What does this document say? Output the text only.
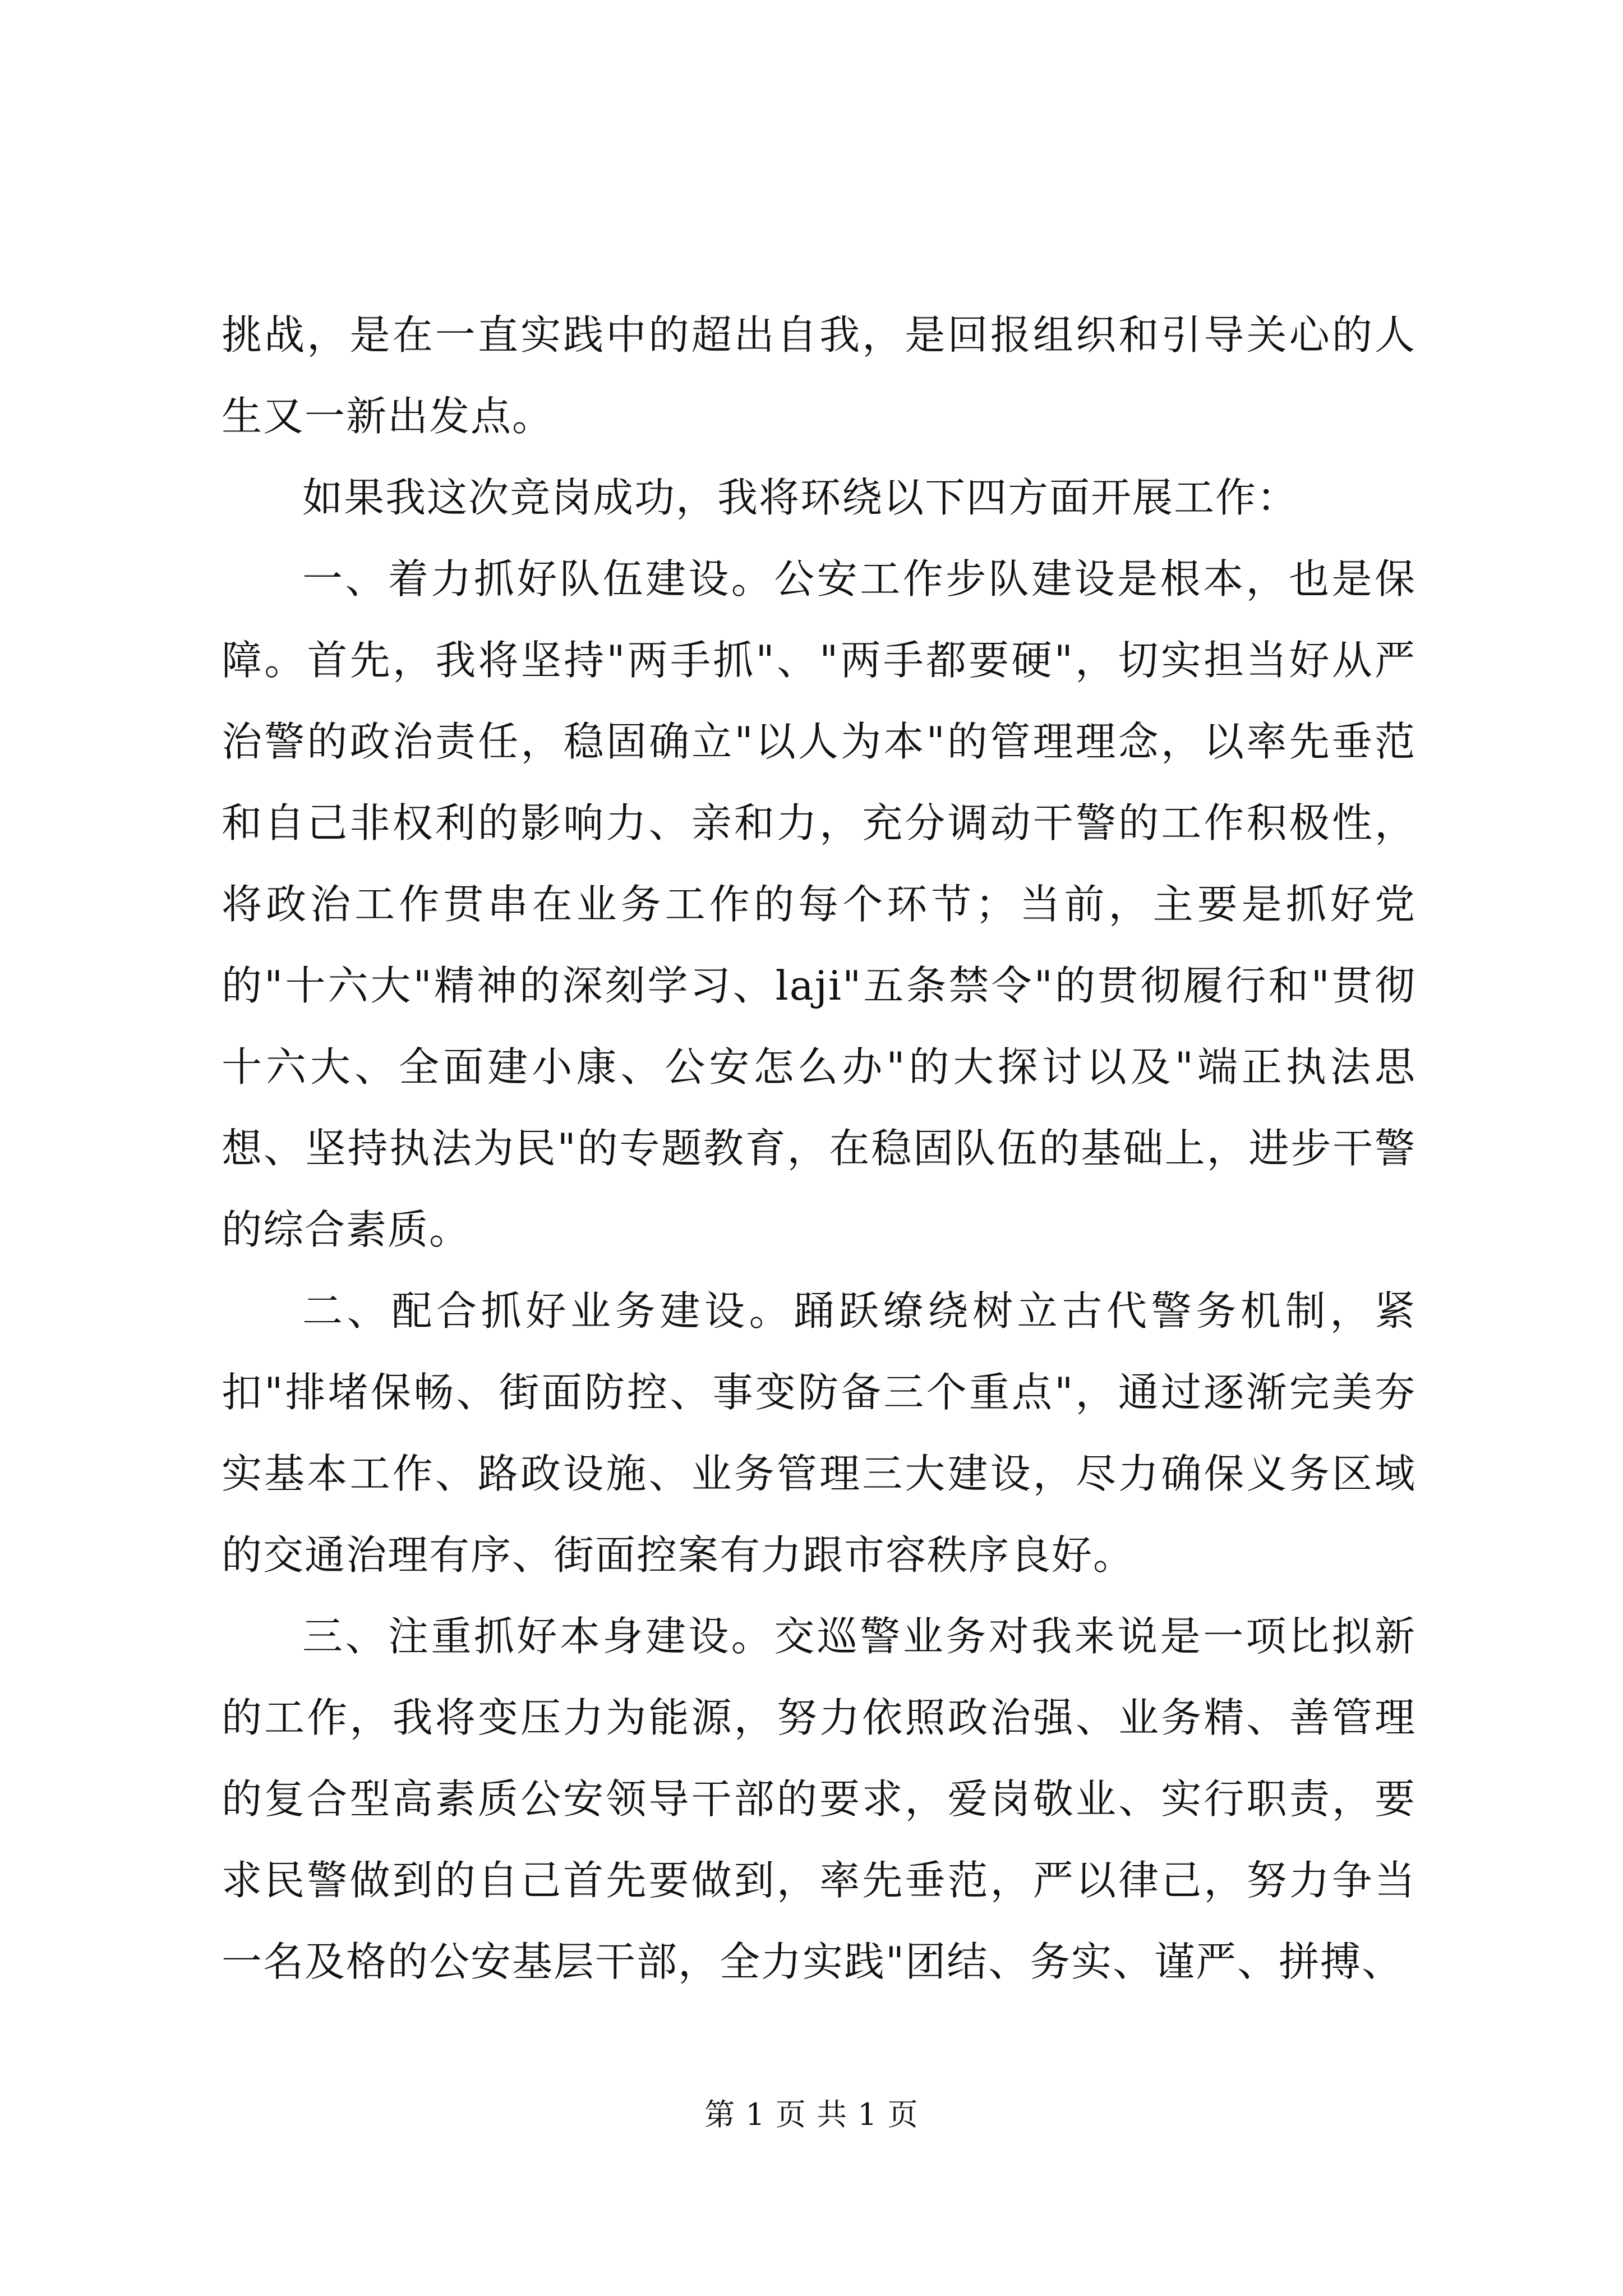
挑战，是在一直实践中的超出自我，是回报组织和引导关心的人生又一新出发点。

如果我这次竞岗成功，我将环绕以下四方面开展工作：

一、着力抓好队伍建设。公安工作步队建设是根本，也是保障。首先，我将坚持"两手抓"、"两手都要硬"，切实担当好从严治警的政治责任，稳固确立"以人为本"的管理理念，以率先垂范和自己非权利的影响力、亲和力，充分调动干警的工作积极性，将政治工作贯串在业务工作的每个环节；当前，主要是抓好党的"十六大"精神的深刻学习、laji"五条禁令"的贯彻履行和"贯彻十六大、全面建小康、公安怎么办"的大探讨以及"端正执法思想、坚持执法为民"的专题教育，在稳固队伍的基础上，进步干警的综合素质。

二、配合抓好业务建设。踊跃缭绕树立古代警务机制，紧扣"排堵保畅、街面防控、事变防备三个重点"，通过逐渐完美夯实基本工作、路政设施、业务管理三大建设，尽力确保义务区域的交通治理有序、街面控案有力跟市容秩序良好。

三、注重抓好本身建设。交巡警业务对我来说是一项比拟新的工作，我将变压力为能源，努力依照政治强、业务精、善管理的复合型高素质公安领导干部的要求，爱岗敬业、实行职责，要求民警做到的自己首先要做到，率先垂范，严以律己，努力争当一名及格的公安基层干部，全力实践"团结、务实、谨严、拼搏、

第 1 页 共 1 页
